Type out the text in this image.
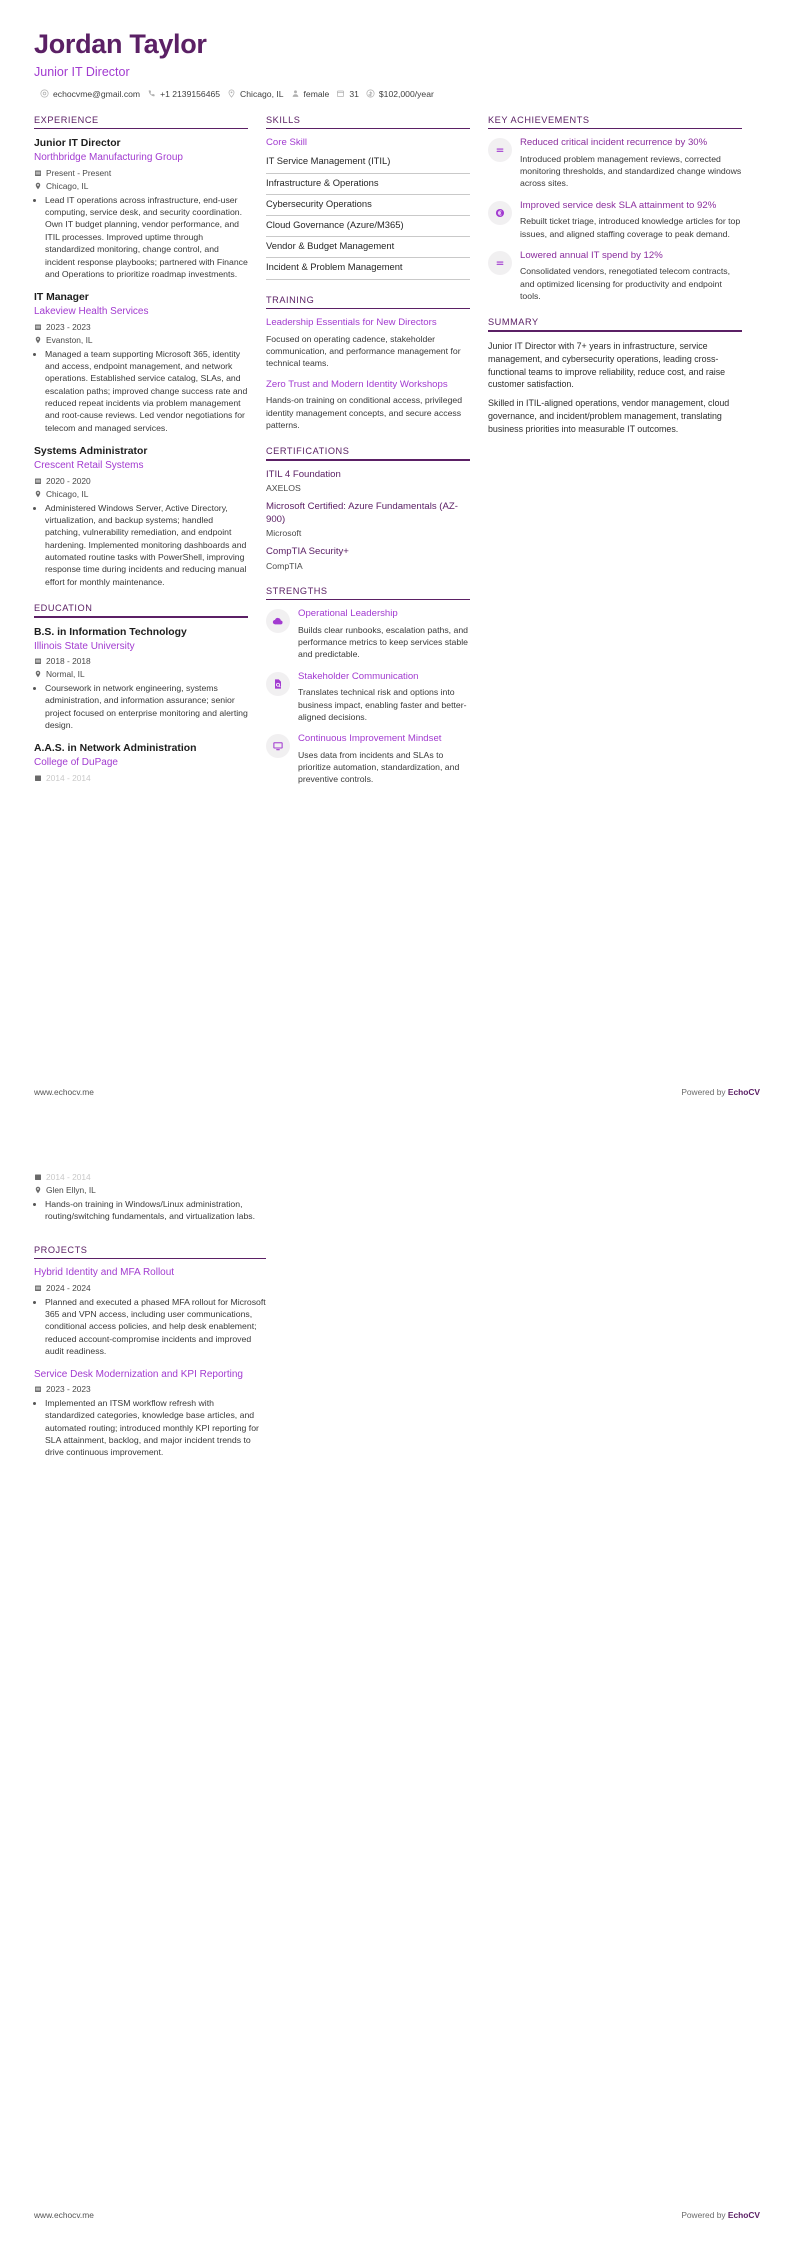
Jordan Taylor
Junior IT Director
echocvme@gmail.com +1 2139156465 Chicago, IL female 31 $102,000/year
EXPERIENCE
Junior IT Director
Northbridge Manufacturing Group
Present - Present
Chicago, IL
• Lead IT operations across infrastructure, end-user computing, service desk, and security coordination. Own IT budget planning, vendor performance, and ITIL processes. Improved uptime through standardized monitoring, change control, and incident response playbooks; partnered with Finance and Operations to prioritize roadmap investments.
IT Manager
Lakeview Health Services
2023 - 2023
Evanston, IL
• Managed a team supporting Microsoft 365, identity and access, endpoint management, and network operations. Established service catalog, SLAs, and escalation paths; improved change success rate and reduced repeat incidents via problem management and root-cause reviews. Led vendor negotiations for telecom and managed services.
Systems Administrator
Crescent Retail Systems
2020 - 2020
Chicago, IL
• Administered Windows Server, Active Directory, virtualization, and backup systems; handled patching, vulnerability remediation, and endpoint hardening. Implemented monitoring dashboards and automated routine tasks with PowerShell, improving response time during incidents and reducing manual effort for monthly maintenance.
EDUCATION
B.S. in Information Technology
Illinois State University
2018 - 2018
Normal, IL
• Coursework in network engineering, systems administration, and information assurance; senior project focused on enterprise monitoring and alerting design.
A.A.S. in Network Administration
College of DuPage
2014 - 2014
SKILLS
Core Skill
IT Service Management (ITIL)
Infrastructure & Operations
Cybersecurity Operations
Cloud Governance (Azure/M365)
Vendor & Budget Management
Incident & Problem Management
TRAINING
Leadership Essentials for New Directors
Focused on operating cadence, stakeholder communication, and performance management for technical teams.
Zero Trust and Modern Identity Workshops
Hands-on training on conditional access, privileged identity management concepts, and secure access patterns.
CERTIFICATIONS
ITIL 4 Foundation
AXELOS
Microsoft Certified: Azure Fundamentals (AZ-900)
Microsoft
CompTIA Security+
CompTIA
STRENGTHS
Operational Leadership
Builds clear runbooks, escalation paths, and performance metrics to keep services stable and predictable.
Stakeholder Communication
Translates technical risk and options into business impact, enabling faster and better-aligned decisions.
Continuous Improvement Mindset
Uses data from incidents and SLAs to prioritize automation, standardization, and preventive controls.
KEY ACHIEVEMENTS
Reduced critical incident recurrence by 30%
Introduced problem management reviews, corrected monitoring thresholds, and standardized change windows across sites.
Improved service desk SLA attainment to 92%
Rebuilt ticket triage, introduced knowledge articles for top issues, and aligned staffing coverage to peak demand.
Lowered annual IT spend by 12%
Consolidated vendors, renegotiated telecom contracts, and optimized licensing for productivity and endpoint tools.
SUMMARY
Junior IT Director with 7+ years in infrastructure, service management, and cybersecurity operations, leading cross-functional teams to improve reliability, reduce cost, and raise customer satisfaction.
Skilled in ITIL-aligned operations, vendor management, cloud governance, and incident/problem management, translating business priorities into measurable IT outcomes.
www.echocv.me	Powered by EchoCV
2014 - 2014
Glen Ellyn, IL
• Hands-on training in Windows/Linux administration, routing/switching fundamentals, and virtualization labs.
PROJECTS
Hybrid Identity and MFA Rollout
2024 - 2024
• Planned and executed a phased MFA rollout for Microsoft 365 and VPN access, including user communications, conditional access policies, and help desk enablement; reduced account-compromise incidents and improved audit readiness.
Service Desk Modernization and KPI Reporting
2023 - 2023
• Implemented an ITSM workflow refresh with standardized categories, knowledge base articles, and automated routing; introduced monthly KPI reporting for SLA attainment, backlog, and major incident trends to drive continuous improvement.
www.echocv.me	Powered by EchoCV
